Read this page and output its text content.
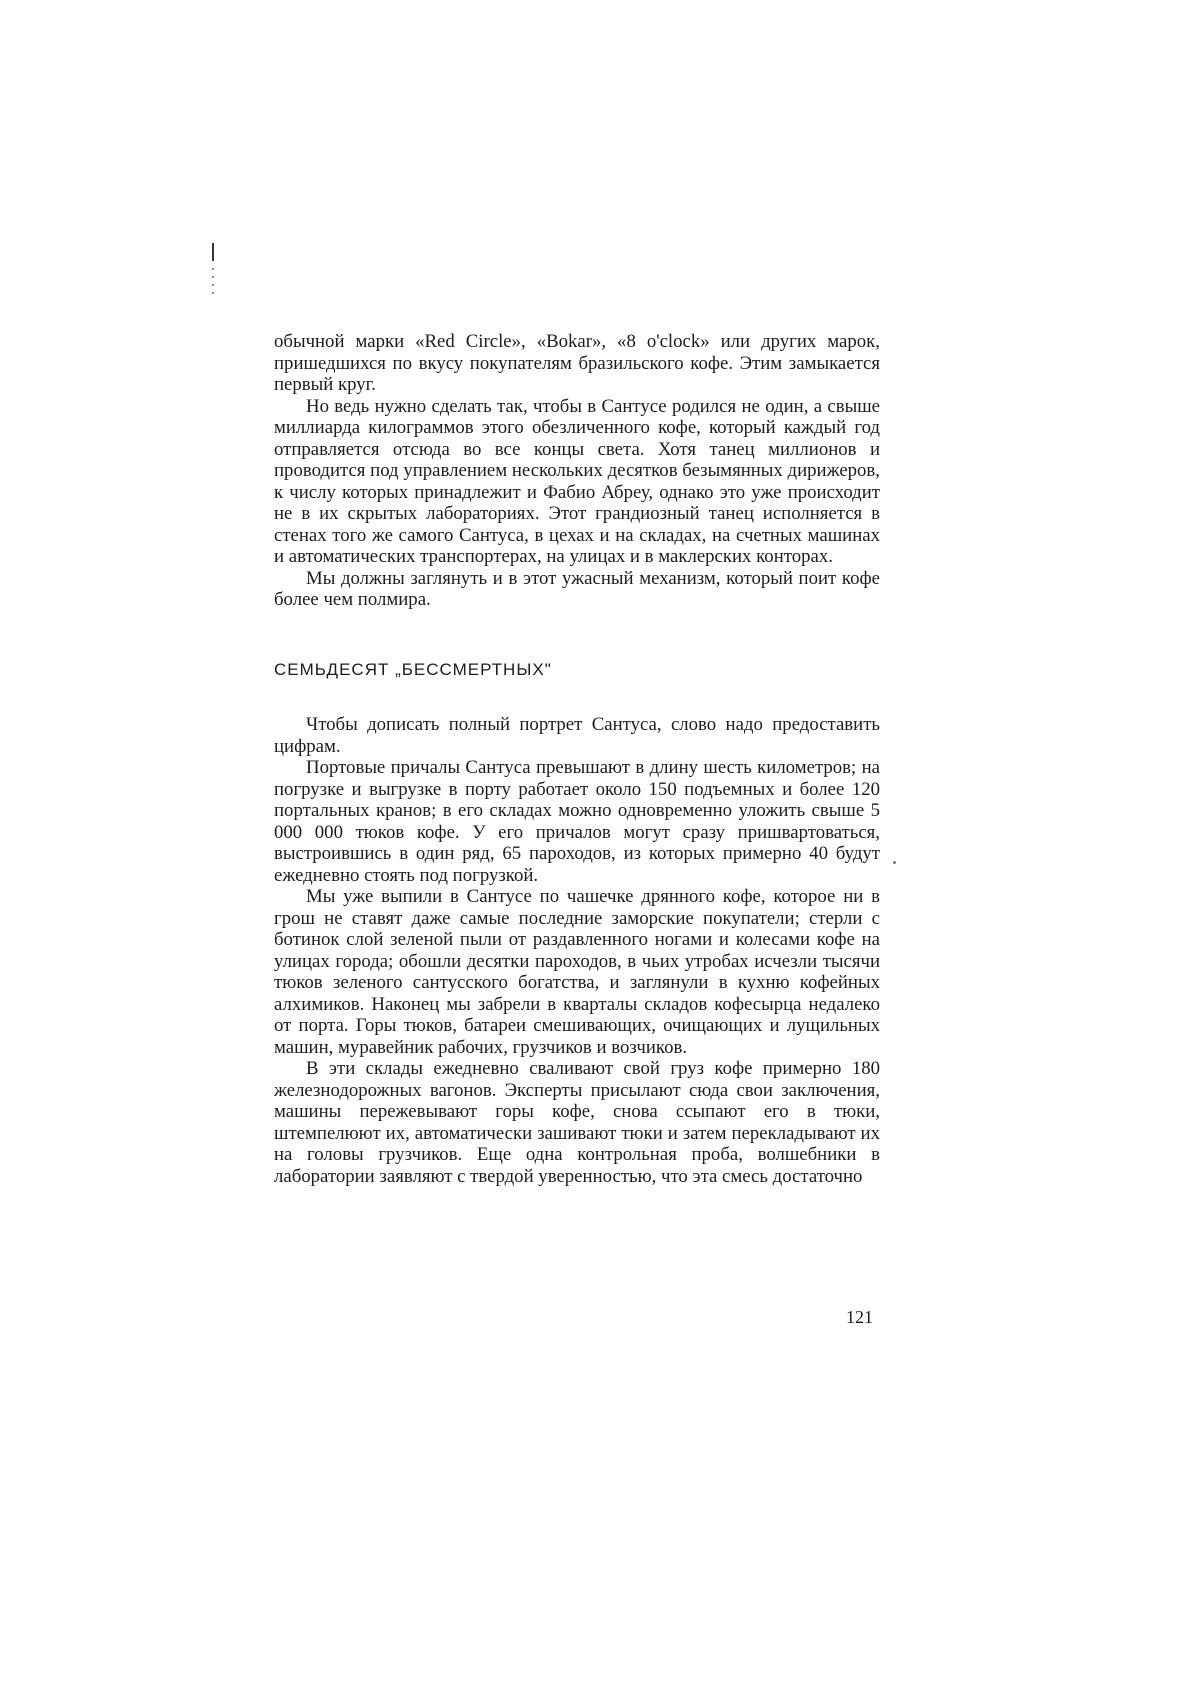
обычной марки «Red Circle», «Bokar», «8 o'clock» или других марок, пришедшихся по вкусу покупателям бразильского кофе. Этим замыкается первый круг.

Но ведь нужно сделать так, чтобы в Сантусе родился не один, а свыше миллиарда килограммов этого обезличенного кофе, который каждый год отправляется отсюда во все концы света. Хотя танец миллионов и проводится под управлением нескольких десятков безымянных дирижеров, к числу которых принадлежит и Фабио Абреу, однако это уже происходит не в их скрытых лабораториях. Этот грандиозный танец исполняется в стенах того же самого Сантуса, в цехах и на складах, на счетных машинах и автоматических транспортерах, на улицах и в маклерских конторах.

Мы должны заглянуть и в этот ужасный механизм, который поит кофе более чем полмира.

СЕМЬДЕСЯТ „БЕССМЕРТНЫХ"

Чтобы дописать полный портрет Сантуса, слово надо предоставить цифрам.

Портовые причалы Сантуса превышают в длину шесть километров; на погрузке и выгрузке в порту работает около 150 подъемных и более 120 портальных кранов; в его складах можно одновременно уложить свыше 5 000 000 тюков кофе. У его причалов могут сразу пришвартоваться, выстроившись в один ряд, 65 пароходов, из которых примерно 40 будут ежедневно стоять под погрузкой.

Мы уже выпили в Сантусе по чашечке дрянного кофе, которое ни в грош не ставят даже самые последние заморские покупатели; стерли с ботинок слой зеленой пыли от раздавленного ногами и колесами кофе на улицах города; обошли десятки пароходов, в чьих утробах исчезли тысячи тюков зеленого сантусского богатства, и заглянули в кухню кофейных алхимиков. Наконец мы забрели в кварталы складов кофесырца недалеко от порта. Горы тюков, батареи смешивающих, очищающих и лущильных машин, муравейник рабочих, грузчиков и возчиков.

В эти склады ежедневно сваливают свой груз кофе примерно 180 железнодорожных вагонов. Эксперты присылают сюда свои заключения, машины пережевывают горы кофе, снова ссыпают его в тюки, штемпелюют их, автоматически зашивают тюки и затем перекладывают их на головы грузчиков. Еще одна контрольная проба, волшебники в лаборатории заявляют с твердой уверенностью, что эта смесь достаточно

121
